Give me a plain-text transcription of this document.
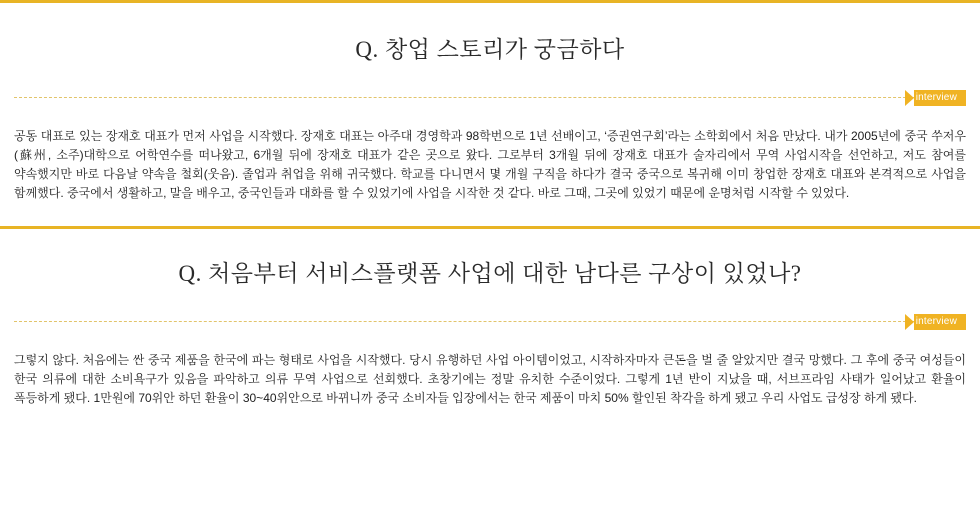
Q. 창업 스토리가 궁금하다
interview
공동 대표로 있는 장재호 대표가 먼저 사업을 시작했다. 장재호 대표는 아주대 경영학과 98학번으로 1년 선배이고, ‘증권연구회’라는 소학회에서 처음 만났다. 내가 2005년에 중국 쑤저우(蘇州, 소주)대학으로 어학연수를 떠나왔고, 6개월 뒤에 장재호 대표가 같은 곳으로 왔다. 그로부터 3개월 뒤에 장재호 대표가 술자리에서 무역 사업시작을 선언하고, 저도 참여를 약속했지만 바로 다음날 약속을 철회(웃음). 졸업과 취업을 위해 귀국했다. 학교를 다니면서 몇 개월 구직을 하다가 결국 중국으로 복귀해 이미 창업한 장재호 대표와 본격적으로 사업을 함께했다. 중국에서 생활하고, 말을 배우고, 중국인들과 대화를 할 수 있었기에 사업을 시작한 것 같다. 바로 그때, 그곳에 있었기 때문에 운명처럼 시작할 수 있었다.
Q. 처음부터 서비스플랫폼 사업에 대한 남다른 구상이 있었나?
interview
그렇지 않다. 처음에는 싼 중국 제품을 한국에 파는 형태로 사업을 시작했다. 당시 유행하던 사업 아이템이었고, 시작하자마자 큰돈을 벌 줄 알았지만 결국 망했다. 그 후에 중국 여성들이 한국 의류에 대한 소비욕구가 있음을 파악하고 의류 무역 사업으로 선회했다. 초창기에는 정말 유치한 수준이었다. 그렇게 1년 반이 지났을 때, 서브프라임 사태가 일어났고 환율이 폭등하게 됐다. 1만원에 70위안 하던 환율이 30~40위안으로 바뀌니까 중국 소비자들 입장에서는 한국 제품이 마치 50% 할인된 착각을 하게 됐고 우리 사업도 급성장 하게 됐다.
